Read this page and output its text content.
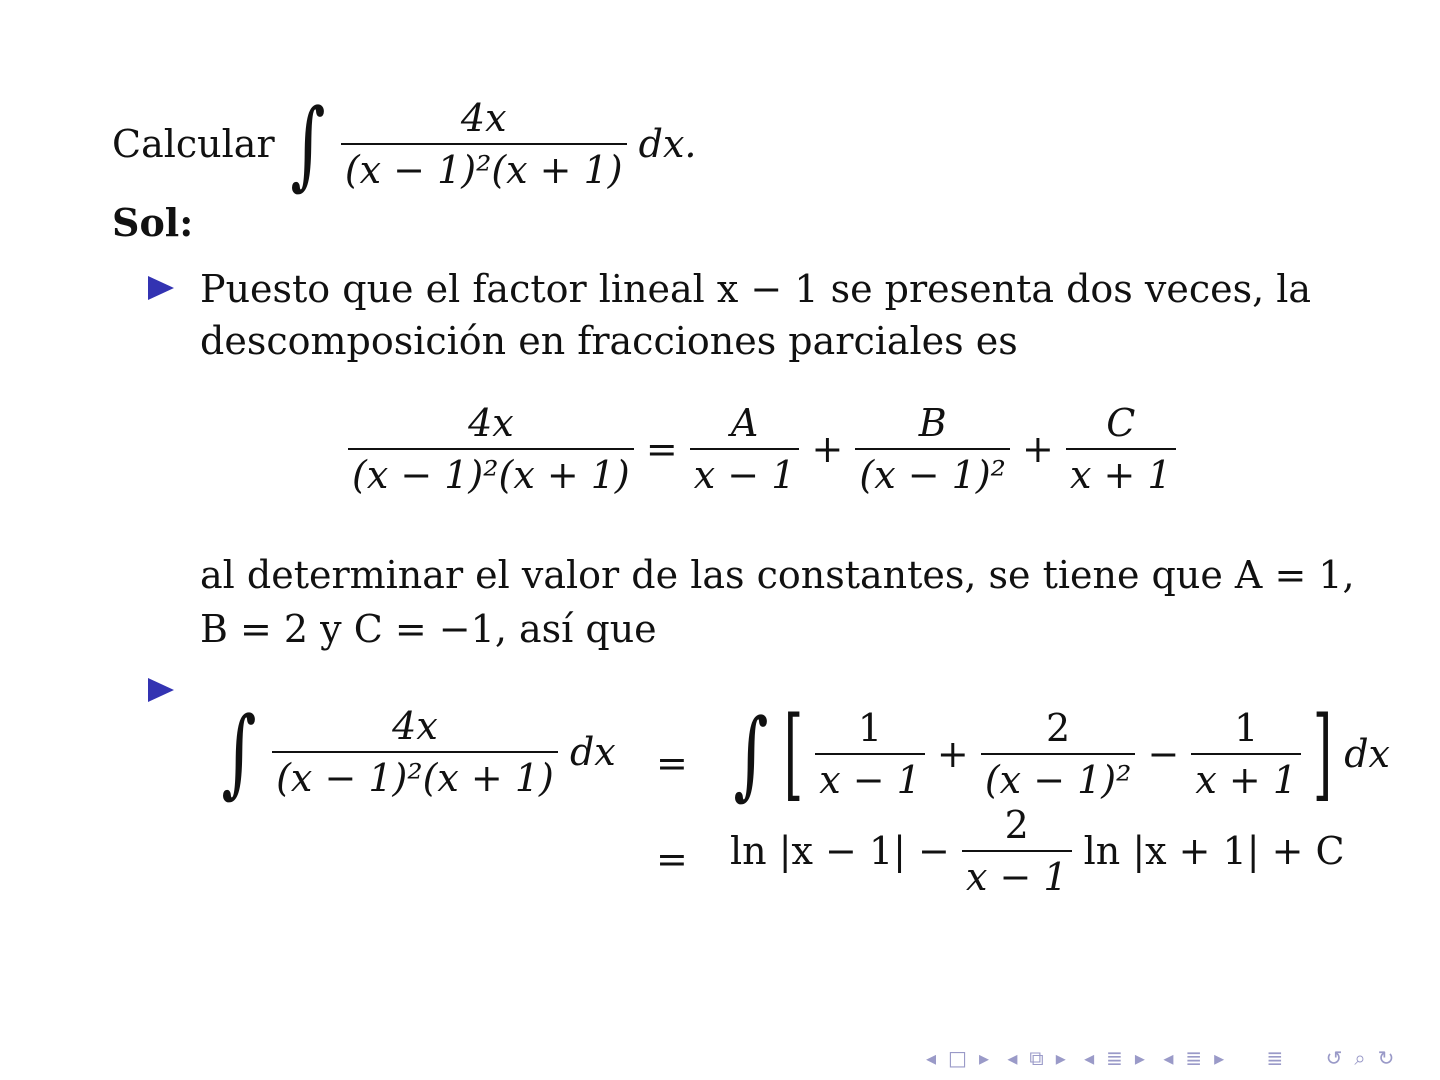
Calcular ∫ $\frac{4x}{\text{(x − 1)²(x + 1)}}$ dx.
Sol:
Puesto que el factor lineal x − 1 se presenta dos veces, la
descomposición en fracciones parciales es
$\frac{4x}{\text{(x − 1)²(x + 1)}} = \frac{A}{x - 1} + \frac{B}{\text{(x − 1)²}} + \frac{C}{x + 1}$
al determinar el valor de las constantes, se tiene que A = 1,
B = 2 y C = −1, así que
∫ $\frac{4x}{\text{(x − 1)²(x + 1)}}$ dx = ∫ [ $\frac{1}{x - 1} + \frac{2}{\text{(x − 1)²}} - \frac{1}{x + 1}$ ] dx
= $\ln |x - 1| - \frac{2}{x - 1}$ ln |x + 1| + C
◂ □ ▸ ◂ ⧉ ▸ ◂ ≣ ▸ ◂ ≣ ▸ ≣ ↺ ⌕ ↻
